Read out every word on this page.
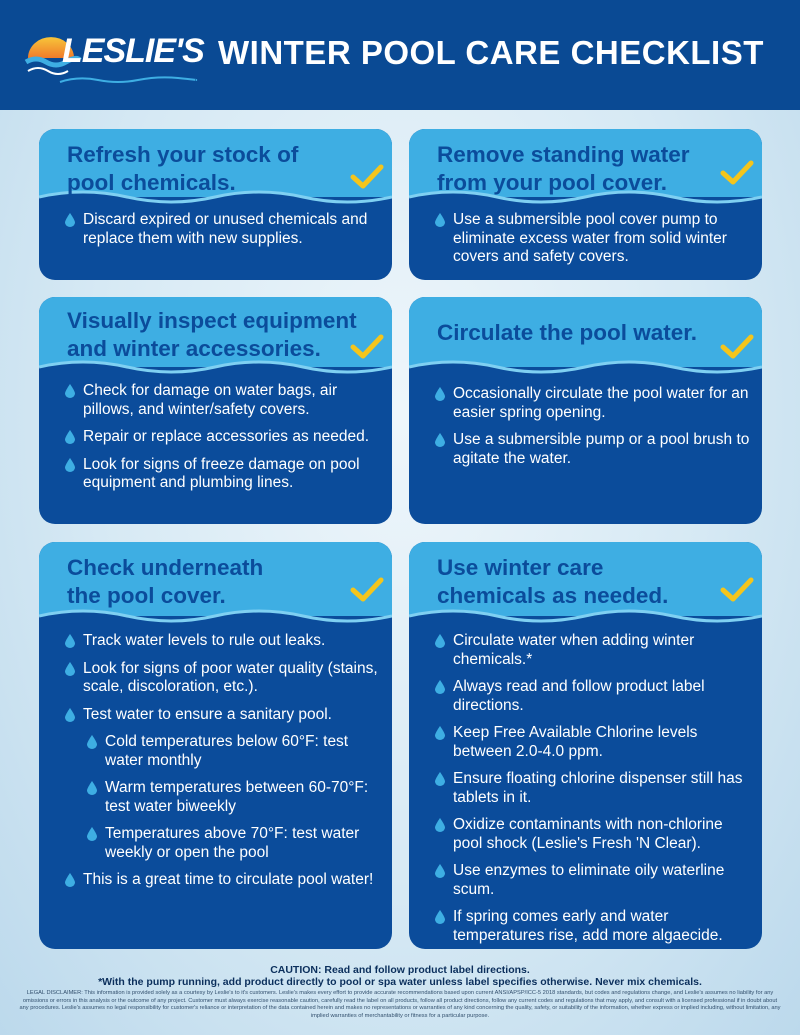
LESLIE'S WINTER POOL CARE CHECKLIST
Refresh your stock of
pool chemicals.
Discard expired or unused chemicals and replace them with new supplies.
Remove standing water
from your pool cover.
Use a submersible pool cover pump to eliminate excess water from solid winter covers and safety covers.
Visually inspect equipment
and winter accessories.
Check for damage on water bags, air pillows, and winter/safety covers.
Repair or replace accessories as needed.
Look for signs of freeze damage on pool equipment and plumbing lines.
Circulate the pool water.
Occasionally circulate the pool water for an easier spring opening.
Use a submersible pump or a pool brush to agitate the water.
Check underneath
the pool cover.
Track water levels to rule out leaks.
Look for signs of poor water quality (stains, scale, discoloration, etc.).
Test water to ensure a sanitary pool.
Cold temperatures below 60°F: test water monthly
Warm temperatures between 60-70°F: test water biweekly
Temperatures above 70°F: test water weekly or open the pool
This is a great time to circulate pool water!
Use winter care
chemicals as needed.
Circulate water when adding winter chemicals.*
Always read and follow product label directions.
Keep Free Available Chlorine levels between 2.0-4.0 ppm.
Ensure floating chlorine dispenser still has tablets in it.
Oxidize contaminants with non-chlorine pool shock (Leslie's Fresh 'N Clear).
Use enzymes to eliminate oily waterline scum.
If spring comes early and water temperatures rise, add more algaecide.
CAUTION: Read and follow product label directions.
*With the pump running, add product directly to pool or spa water unless label specifies otherwise. Never mix chemicals.
LEGAL DISCLAIMER: This information is provided solely as a courtesy by Leslie's to it's customers. Leslie's makes every effort to provide accurate recommendations based upon current ANSI/APSP/ICC-5 2018 standards, but codes and regulations change, and Leslie's assumes no liability for any omissions or errors in this analysis or the outcome of any project. Customer must always exercise reasonable caution, carefully read the label on all products, follow all product directions, follow any current codes and regulations that may apply, and consult with a licensed professional if in doubt about any procedures. Leslie's assumes no legal responsibility for customer's reliance or interpretation of the data contained herein and makes no representations or warranties of any kind concerning the quality, safety, or suitability of the information, whether express or implied including, without limitation, any implied warranties of merchantability or fitness for a particular purpose.
